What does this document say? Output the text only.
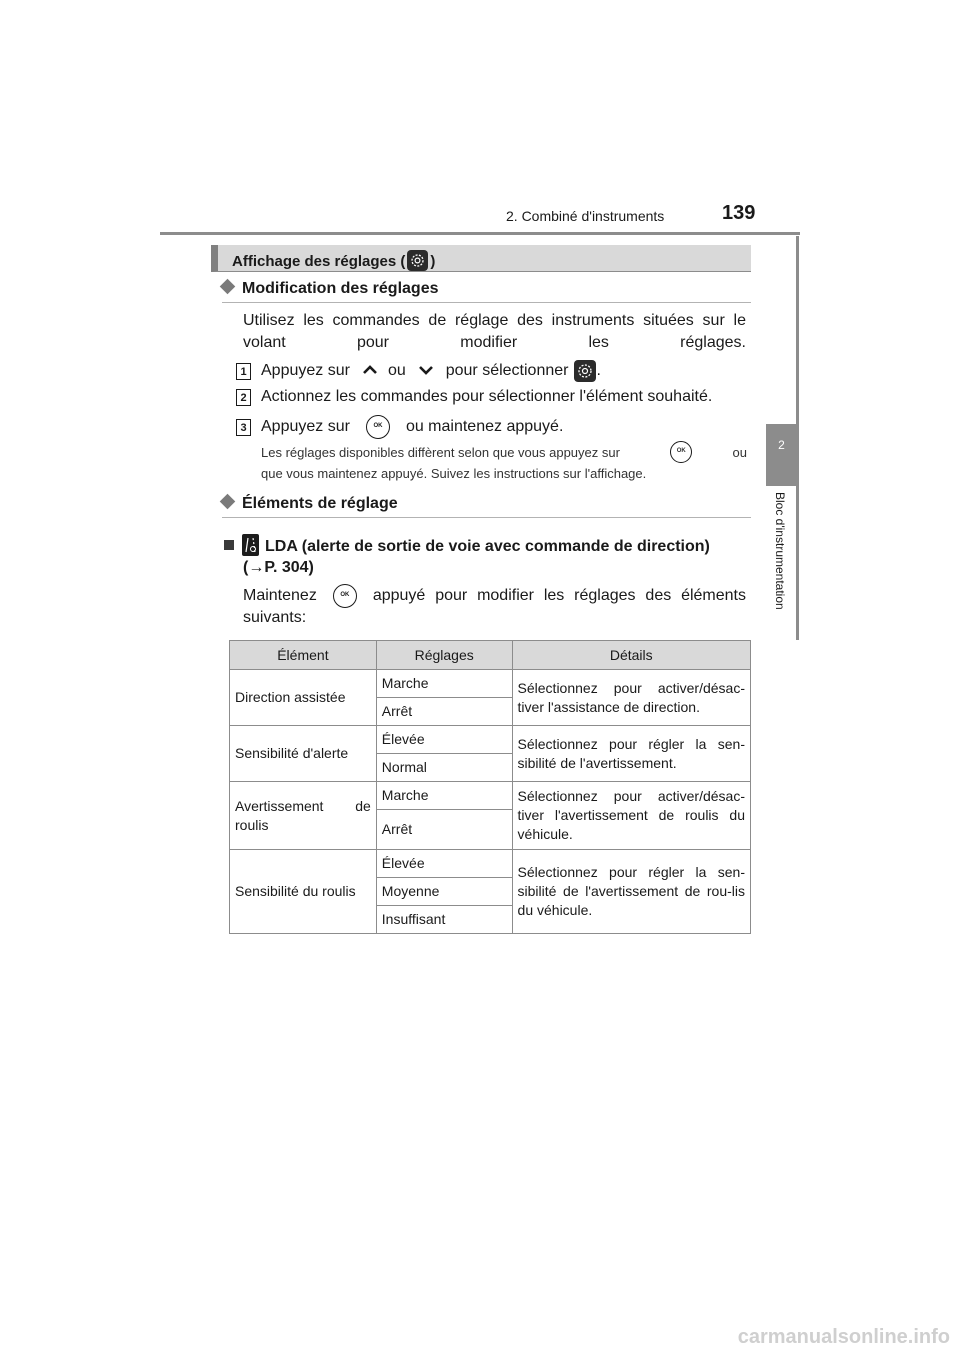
2. Combiné d'instruments	139
2
Bloc d'instrumentation
Affichage des réglages ( )
Modification des réglages
Utilisez les commandes de réglage des instruments situées sur le volant pour modifier les réglages.
1 Appuyez sur ou	pour sélectionner .
2 Actionnez les commandes pour sélectionner l'élément souhaité.
3 Appuyez sur	OK	ou maintenez appuyé.
Les réglages disponibles diffèrent selon que vous appuyez sur	OK	ou
que vous maintenez appuyé. Suivez les instructions sur l'affichage.
Éléments de réglage
LDA (alerte de sortie de voie avec commande de direction)
(→P. 304)
Maintenez	OK	appuyé pour modifier les réglages des éléments
suivants:
Élément	Réglages	Détails
Direction assistée	Marche	Sélectionnez pour activer/désac-tiver l'assistance de direction.
	Arrêt	
Sensibilité d'alerte	Élevée	Sélectionnez pour régler la sen-sibilité de l'avertissement.
	Normal	
Avertissement de roulis	Marche	Sélectionnez pour activer/désac-tiver l'avertissement de roulis du véhicule.
	Arrêt	
Sensibilité du roulis	Élevée	Sélectionnez pour régler la sen-sibilité de l'avertissement de rou-lis du véhicule.
	Moyenne	
	Insuffisant	
carmanualsonline.info
